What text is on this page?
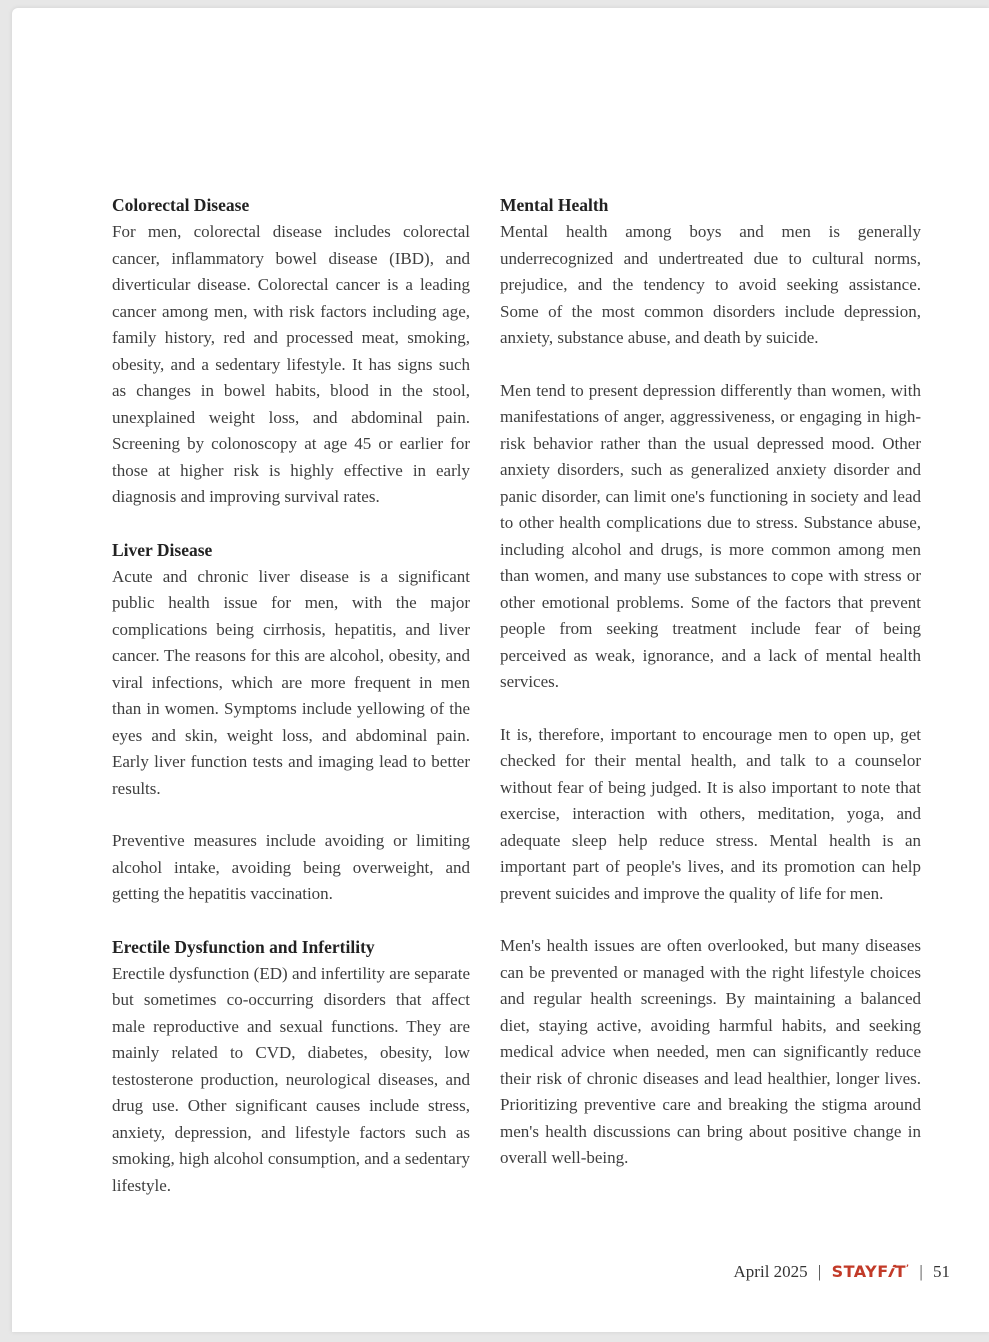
Colorectal Disease

For men, colorectal disease includes colorectal cancer, inflammatory bowel disease (IBD), and diverticular disease. Colorectal cancer is a leading cancer among men, with risk factors including age, family history, red and processed meat, smoking, obesity, and a sedentary lifestyle. It has signs such as changes in bowel habits, blood in the stool, unexplained weight loss, and abdominal pain. Screening by colonoscopy at age 45 or earlier for those at higher risk is highly effective in early diagnosis and improving survival rates.

Liver Disease

Acute and chronic liver disease is a significant public health issue for men, with the major complications being cirrhosis, hepatitis, and liver cancer. The reasons for this are alcohol, obesity, and viral infections, which are more frequent in men than in women. Symptoms include yellowing of the eyes and skin, weight loss, and abdominal pain. Early liver function tests and imaging lead to better results.

Preventive measures include avoiding or limiting alcohol intake, avoiding being overweight, and getting the hepatitis vaccination.

Erectile Dysfunction and Infertility

Erectile dysfunction (ED) and infertility are separate but sometimes co-occurring disorders that affect male reproductive and sexual functions. They are mainly related to CVD, diabetes, obesity, low testosterone production, neurological diseases, and drug use. Other significant causes include stress, anxiety, depression, and lifestyle factors such as smoking, high alcohol consumption, and a sedentary lifestyle.

Mental Health

Mental health among boys and men is generally underrecognized and undertreated due to cultural norms, prejudice, and the tendency to avoid seeking assistance. Some of the most common disorders include depression, anxiety, substance abuse, and death by suicide.

Men tend to present depression differently than women, with manifestations of anger, aggressiveness, or engaging in high-risk behavior rather than the usual depressed mood. Other anxiety disorders, such as generalized anxiety disorder and panic disorder, can limit one's functioning in society and lead to other health complications due to stress. Substance abuse, including alcohol and drugs, is more common among men than women, and many use substances to cope with stress or other emotional problems. Some of the factors that prevent people from seeking treatment include fear of being perceived as weak, ignorance, and a lack of mental health services.

It is, therefore, important to encourage men to open up, get checked for their mental health, and talk to a counselor without fear of being judged. It is also important to note that exercise, interaction with others, meditation, yoga, and adequate sleep help reduce stress. Mental health is an important part of people's lives, and its promotion can help prevent suicides and improve the quality of life for men.

Men's health issues are often overlooked, but many diseases can be prevented or managed with the right lifestyle choices and regular health screenings. By maintaining a balanced diet, staying active, avoiding harmful habits, and seeking medical advice when needed, men can significantly reduce their risk of chronic diseases and lead healthier, longer lives. Prioritizing preventive care and breaking the stigma around men's health discussions can bring about positive change in overall well-being.

April 2025 | STAYFiT’ | 51
